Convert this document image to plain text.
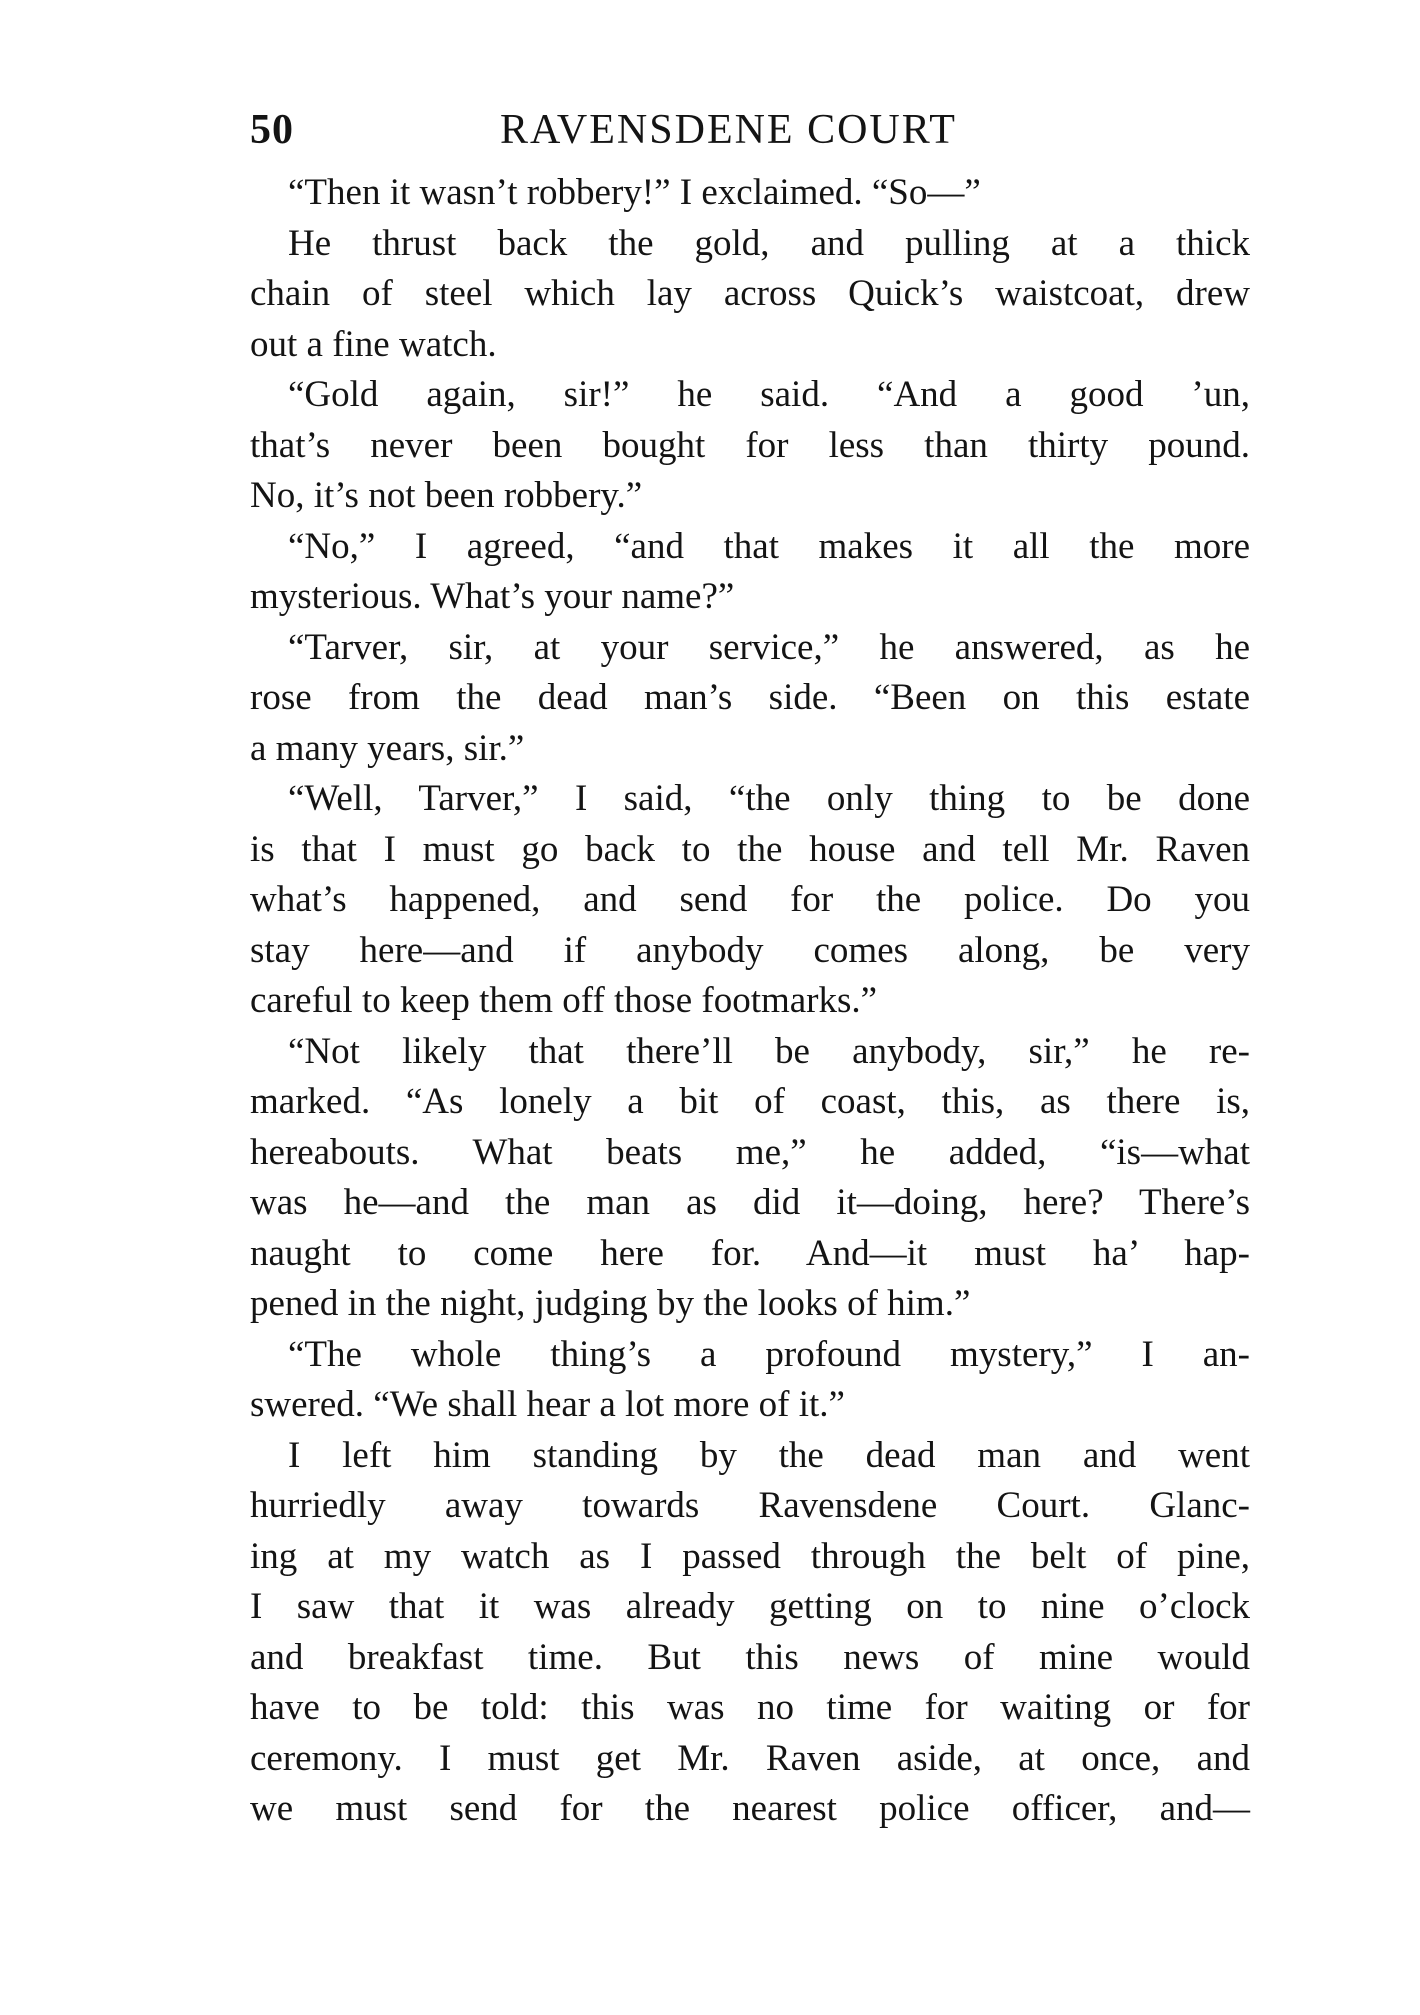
50	RAVENSDENE COURT
“Then it wasn’t robbery!” I exclaimed. “So—”
He thrust back the gold, and pulling at a thick
chain of steel which lay across Quick’s waistcoat, drew
out a fine watch.
“Gold again, sir!” he said. “And a good ’un,
that’s never been bought for less than thirty pound.
No, it’s not been robbery.”
“No,” I agreed, “and that makes it all the more
mysterious. What’s your name?”
“Tarver, sir, at your service,” he answered, as he
rose from the dead man’s side. “Been on this estate
a many years, sir.”
“Well, Tarver,” I said, “the only thing to be done
is that I must go back to the house and tell Mr. Raven
what’s happened, and send for the police. Do you
stay here—and if anybody comes along, be very
careful to keep them off those footmarks.”
“Not likely that there’ll be anybody, sir,” he re-
marked. “As lonely a bit of coast, this, as there is,
hereabouts. What beats me,” he added, “is—what
was he—and the man as did it—doing, here? There’s
naught to come here for. And—it must ha’ hap-
pened in the night, judging by the looks of him.”
“The whole thing’s a profound mystery,” I an-
swered. “We shall hear a lot more of it.”
I left him standing by the dead man and went
hurriedly away towards Ravensdene Court. Glanc-
ing at my watch as I passed through the belt of pine,
I saw that it was already getting on to nine o’clock
and breakfast time. But this news of mine would
have to be told: this was no time for waiting or for
ceremony. I must get Mr. Raven aside, at once, and
we must send for the nearest police officer, and—
